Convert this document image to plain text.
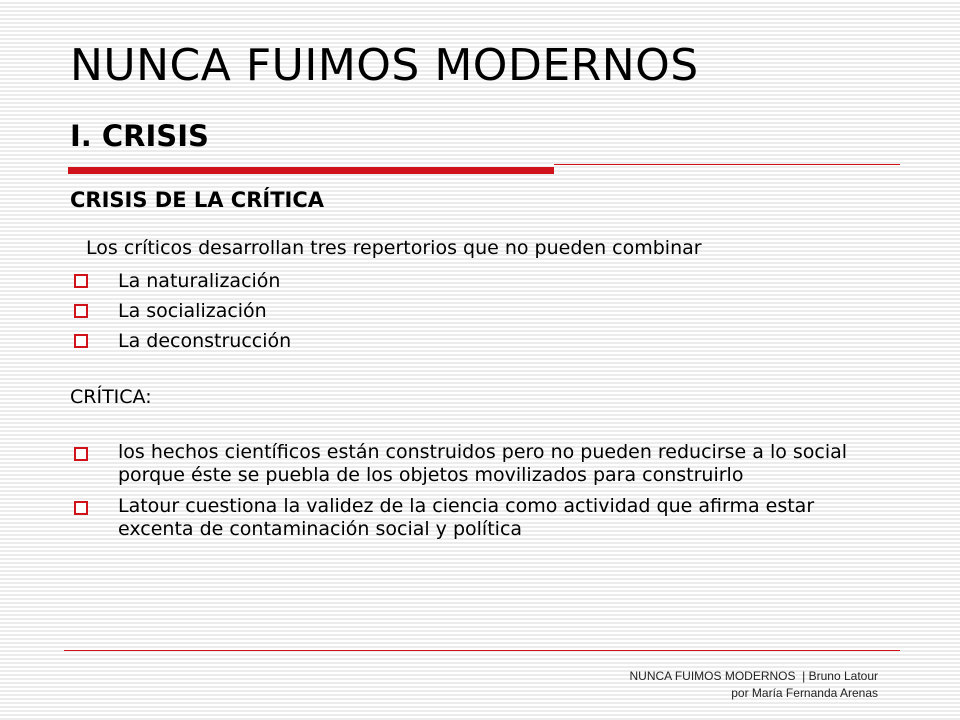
NUNCA FUIMOS MODERNOS
I. CRISIS
CRISIS DE LA CRÍTICA
Los críticos desarrollan tres repertorios que no pueden combinar
La naturalización
La socialización
La deconstrucción
CRÍTICA:
los hechos científicos están construidos pero no pueden reducirse a lo social porque éste se puebla de los objetos movilizados para construirlo
Latour cuestiona la validez de la ciencia como actividad que afirma estar excenta de contaminación social y política
NUNCA FUIMOS MODERNOS  | Bruno Latour
por María Fernanda Arenas
